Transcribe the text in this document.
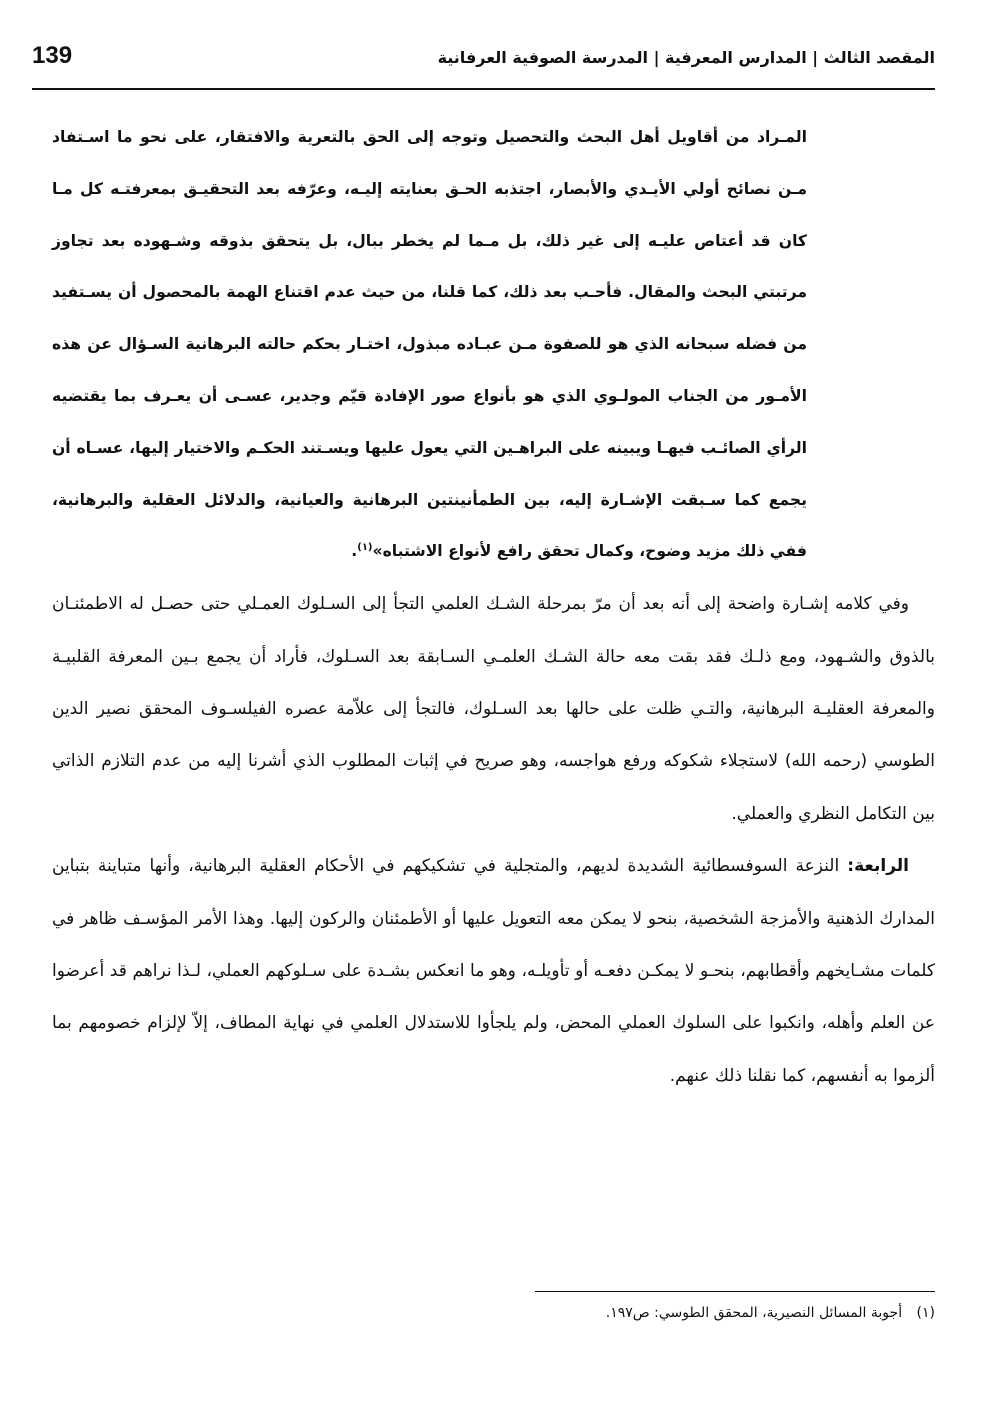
139	المقصد الثالث | المدارس المعرفية | المدرسة الصوفية العرفانية

المـراد من أقاويل أهل البحث والتحصيل وتوجه إلى الحق بالتعرية والافتقار، على نحو ما اسـتفاد مـن نصائح أولي الأيـدي والأبصار، اجتذبه الحـق بعنايته إليـه، وعرّفه بعد التحقيـق بمعرفتـه كل مـا كان قد أعتاص عليـه إلى غير ذلك، بل مـما لم يخطر ببال، بل يتحقق بذوقه وشـهوده بعد تجاوز مرتبتي البحث والمقال. فأحـب بعد ذلك، كما قلنا، من حيث عدم اقتناع الهمة بالمحصول أن يسـتفيد من فضله سبحانه الذي هو للصفوة مـن عبـاده مبذول، اختـار بحكم حالته البرهانية السـؤال عن هذه الأمـور من الجناب المولـوي الذي هو بأنواع صور الإفادة قيّم وجدير، عسـى أن يعـرف بما يقتضيه الرأي الصائـب فيهـا ويبينه على البراهـين التي يعول عليها ويسـتند الحكـم والاختيار إليها، عسـاه أن يجمع كما سـبقت الإشـارة إليه، بين الطمأنينتين البرهانية والعيانية، والدلائل العقلية والبرهانية، ففي ذلك مزيد وضوح، وكمال تحقق رافع لأنواع الاشتباه»$^{(١)}$.

وفي كلامه إشـارة واضحة إلى أنه بعد أن مرّ بمرحلة الشـك العلمي التجأ إلى السـلوك العمـلي حتى حصـل له الاطمئنـان بالذوق والشـهود، ومع ذلـك فقد بقت معه حالة الشـك العلمـي السـابقة بعد السـلوك، فأراد أن يجمع بـين المعرفة القلبيـة والمعرفة العقليـة البرهانية، والتـي ظلت على حالها بعد السـلوك، فالتجأ إلى علاّمة عصره الفيلسـوف المحقق نصير الدين الطوسي (رحمه الله) لاستجلاء شكوكه ورفع هواجسه، وهو صريح في إثبات المطلوب الذي أشرنا إليه من عدم التلازم الذاتي بين التكامل النظري والعملي.

الرابعة: النزعة السوفسطائية الشديدة لديهم، والمتجلية في تشكيكهم في الأحكام العقلية البرهانية، وأنها متباينة بتباين المدارك الذهنية والأمزجة الشخصية، بنحو لا يمكن معه التعويل عليها أو الأطمئنان والركون إليها. وهذا الأمر المؤسـف ظاهر في كلمات مشـايخهم وأقطابهم، بنحـو لا يمكـن دفعـه أو تأويلـه، وهو ما انعكس بشـدة على سـلوكهم العملي، لـذا نراهم قد أعرضوا عن العلم وأهله، وانكبوا على السلوك العملي المحض، ولم يلجأوا للاستدلال العلمي في نهاية المطاف، إلاّ لإلزام خصومهم بما ألزموا به أنفسهم، كما نقلنا ذلك عنهم.

(١) أجوبة المسائل النصيرية، المحقق الطوسي: ص١٩٧.
